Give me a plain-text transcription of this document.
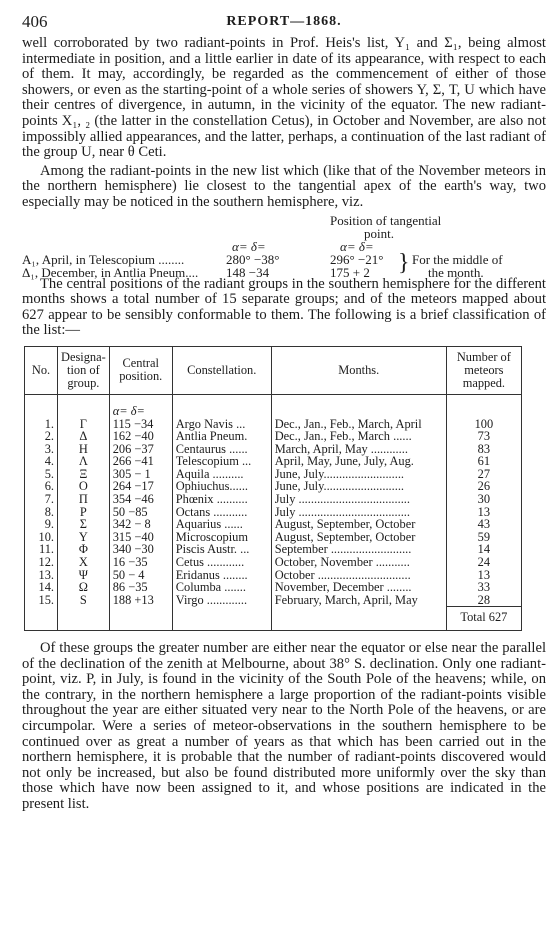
406	REPORT—1868.

well corroborated by two radiant-points in Prof. Heis's list, Y₁ and Σ₁, being almost intermediate in position, and a little earlier in date of its appearance, with respect to each of them. It may, accordingly, be regarded as the commencement of either of those showers, or even as the starting-point of a whole series of showers Y, Σ, T, U which have their centres of divergence, in autumn, in the vicinity of the equator. The new radiant-points X₁, ₂ (the latter in the constellation Cetus), in October and November, are also not impossibly allied appearances, and the latter, perhaps, a continuation of the last radiant of the group U, near θ Ceti.

Among the radiant-points in the new list which (like that of the November meteors in the northern hemisphere) lie closest to the tangential apex of the earth's way, two especially may be noticed in the southern hemisphere, viz.

Position of tangential
point.
α= δ=	α= δ=
A₁, April, in Telescopium ........	280° −38°	296° −21°
Δ₁, December, in Antlia Pneum.... 148 −34	175 + 2 } For the middle of
the month.

The central positions of the radiant groups in the southern hemisphere for the different months shows a total number of 15 separate groups; and of the meteors mapped about 627 appear to be sensibly conformable to them. The following is a brief classification of the list:—

No.	Designa-tion of group.	Central position.	Constellation.	Months.	Number of meteors mapped.
		α= δ=			
1.	Γ	115 −34	Argo Navis ...	Dec., Jan., Feb., March, April	100
2.	Δ	162 −40	Antlia Pneum.	Dec., Jan., Feb., March ......	73
3.	Η	206 −37	Centaurus ......	March, April, May ............	83
4.	Λ	266 −41	Telescopium ...	April, May, June, July, Aug.	61
5.	Ξ	305 − 1	Aquila ..........	June, July..........................	27
6.	Ο	264 −17	Ophiuchus......	June, July..........................	26
7.	Π	354 −46	Phœnix ..........	July ....................................	30
8.	Ρ	50 −85	Octans ...........	July ....................................	13
9.	Σ	342 − 8	Aquarius ......	August, September, October	43
10.	Υ	315 −40	Microscopium	August, September, October	59
11.	Φ	340 −30	Piscis Austr. ...	September ..........................	14
12.	Χ	16 −35	Cetus ............	October, November ...........	24
13.	Ψ	50 − 4	Eridanus ........	October ..............................	13
14.	Ω	86 −35	Columba .......	November, December ........	33
15.	S	188 +13	Virgo .............	February, March, April, May	28
					Total 627

Of these groups the greater number are either near the equator or else near the parallel of the declination of the zenith at Melbourne, about 38° S. declination. Only one radiant-point, viz. P, in July, is found in the vicinity of the South Pole of the heavens; while, on the contrary, in the northern hemisphere a large proportion of the radiant-points visible throughout the year are either situated very near to the North Pole of the heavens, or are circumpolar. Were a series of meteor-observations in the southern hemisphere to be continued over as great a number of years as that which has been carried out in the northern hemisphere, it is probable that the number of radiant-points discovered would not only be increased, but also be found distributed more uniformly over the sky than those which have now been assigned to it, and whose positions are indicated in the present list.
